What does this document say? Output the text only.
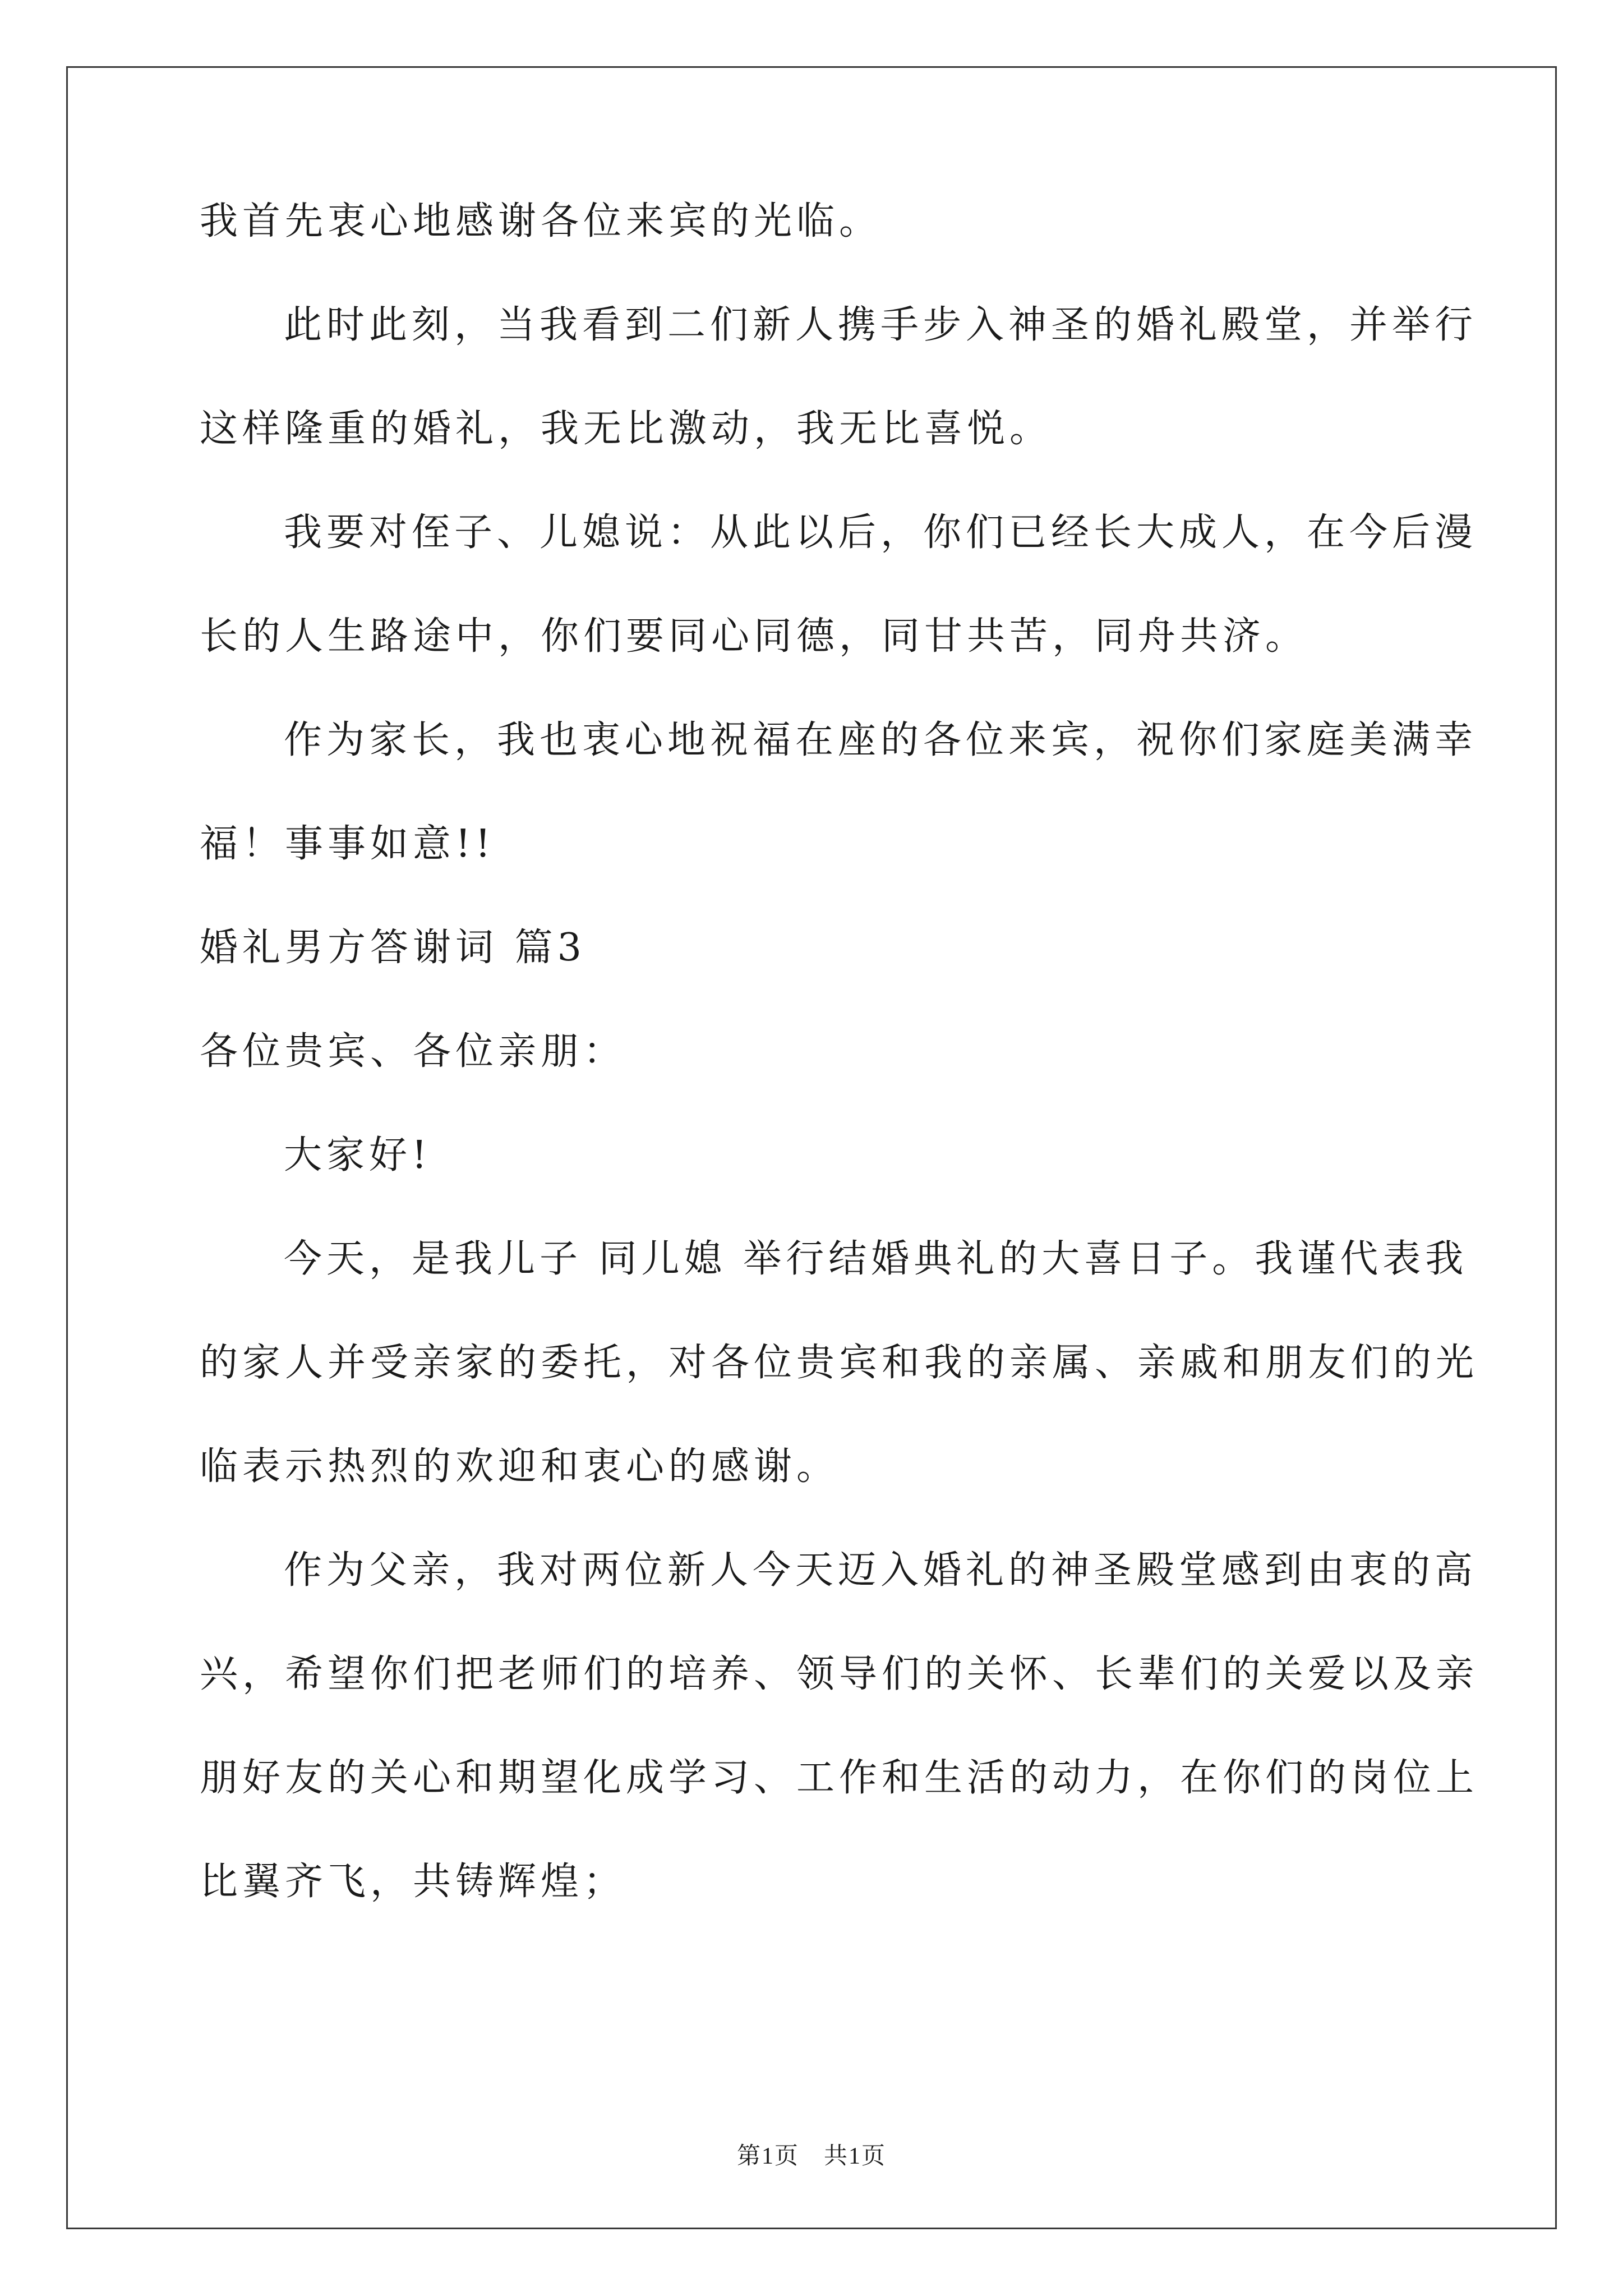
我首先衷心地感谢各位来宾的光临。
此时此刻，当我看到二们新人携手步入神圣的婚礼殿堂，并举行
这样隆重的婚礼，我无比激动，我无比喜悦。
我要对侄子、儿媳说：从此以后，你们已经长大成人，在今后漫
长的人生路途中，你们要同心同德，同甘共苦，同舟共济。
作为家长，我也衷心地祝福在座的各位来宾，祝你们家庭美满幸
福！事事如意!!
婚礼男方答谢词 篇3
各位贵宾、各位亲朋：
大家好!
今天，是我儿子 同儿媳 举行结婚典礼的大喜日子。我谨代表我
的家人并受亲家的委托，对各位贵宾和我的亲属、亲戚和朋友们的光
临表示热烈的欢迎和衷心的感谢。
作为父亲，我对两位新人今天迈入婚礼的神圣殿堂感到由衷的高
兴，希望你们把老师们的培养、领导们的关怀、长辈们的关爱以及亲
朋好友的关心和期望化成学习、工作和生活的动力，在你们的岗位上
比翼齐飞，共铸辉煌；
第1页　共1页
